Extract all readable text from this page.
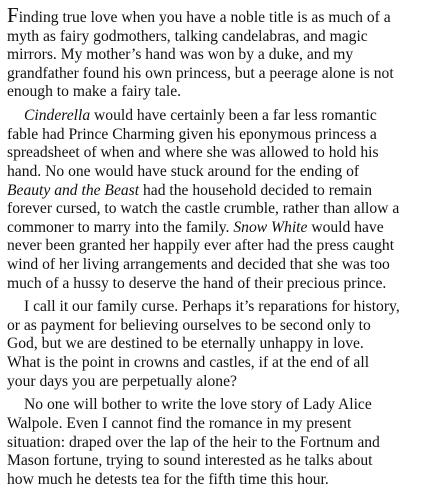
Finding true love when you have a noble title is as much of a
myth as fairy godmothers, talking candelabras, and magic
mirrors. My mother’s hand was won by a duke, and my
grandfather found his own princess, but a peerage alone is not
enough to make a fairy tale.

Cinderella would have certainly been a far less romantic
fable had Prince Charming given his eponymous princess a
spreadsheet of when and where she was allowed to hold his
hand. No one would have stuck around for the ending of
Beauty and the Beast had the household decided to remain
forever cursed, to watch the castle crumble, rather than allow a
commoner to marry into the family. Snow White would have
never been granted her happily ever after had the press caught
wind of her living arrangements and decided that she was too
much of a hussy to deserve the hand of their precious prince.

I call it our family curse. Perhaps it’s reparations for history,
or as payment for believing ourselves to be second only to
God, but we are destined to be eternally unhappy in love.
What is the point in crowns and castles, if at the end of all
your days you are perpetually alone?

No one will bother to write the love story of Lady Alice
Walpole. Even I cannot find the romance in my present
situation: draped over the lap of the heir to the Fortnum and
Mason fortune, trying to sound interested as he talks about
how much he detests tea for the fifth time this hour.
